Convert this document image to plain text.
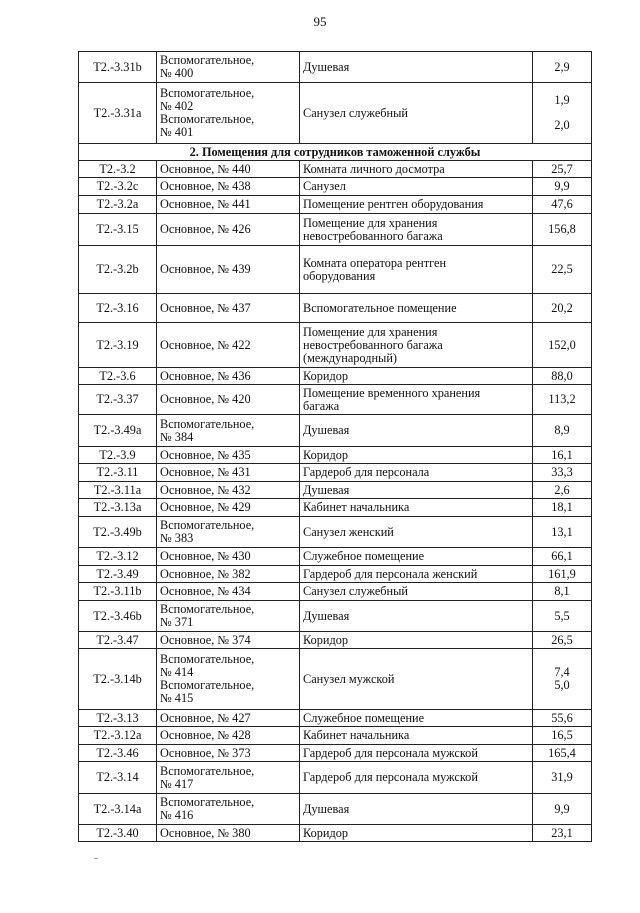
95
T2.-3.31b	Вспомогательное,
№ 400	Душевая	2,9

T2.-3.31a	Вспомогательное,
№ 402
Вспомогательное,
№ 401	Санузел служебный	1,9
2,0

2. Помещения для сотрудников таможенной службы			
T2.-3.2	Основное, № 440	Комната личного досмотра	25,7

T2.-3.2c	Основное, № 438	Санузел	9,9

T2.-3.2a	Основное, № 441	Помещение рентген оборудования	47,6

T2.-3.15	Основное, № 426	Помещение для хранения
невостребованного багажа	156,8

T2.-3.2b	Основное, № 439	Комната оператора рентген
оборудования	22,5

T2.-3.16	Основное, № 437	Вспомогательное помещение	20,2

T2.-3.19	Основное, № 422	Помещение для хранения
невостребованного багажа
(международный)	152,0

T2.-3.6	Основное, № 436	Коридор	88,0

T2.-3.37	Основное, № 420	Помещение временного хранения
багажа	113,2

T2.-3.49a	Вспомогательное,
№ 384	Душевая	8,9

T2.-3.9	Основное, № 435	Коридор	16,1

T2.-3.11	Основное, № 431	Гардероб для персонала	33,3

T2.-3.11a	Основное, № 432	Душевая	2,6

T2.-3.13a	Основное, № 429	Кабинет начальника	18,1

T2.-3.49b	Вспомогательное,
№ 383	Санузел женский	13,1

T2.-3.12	Основное, № 430	Служебное помещение	66,1

T2.-3.49	Основное, № 382	Гардероб для персонала женский	161,9

T2.-3.11b	Основное, № 434	Санузел служебный	8,1

T2.-3.46b	Вспомогательное,
№ 371	Душевая	5,5

T2.-3.47	Основное, № 374	Коридор	26,5

T2.-3.14b	Вспомогательное,
№ 414
Вспомогательное,
№ 415	Санузел мужской	7,4
5,0

T2.-3.13	Основное, № 427	Служебное помещение	55,6

T2.-3.12a	Основное, № 428	Кабинет начальника	16,5

T2.-3.46	Основное, № 373	Гардероб для персонала мужской	165,4

T2.-3.14	Вспомогательное,
№ 417	Гардероб для персонала мужской	31,9

T2.-3.14a	Вспомогательное,
№ 416	Душевая	9,9

T2.-3.40	Основное, № 380	Коридор	23,1
